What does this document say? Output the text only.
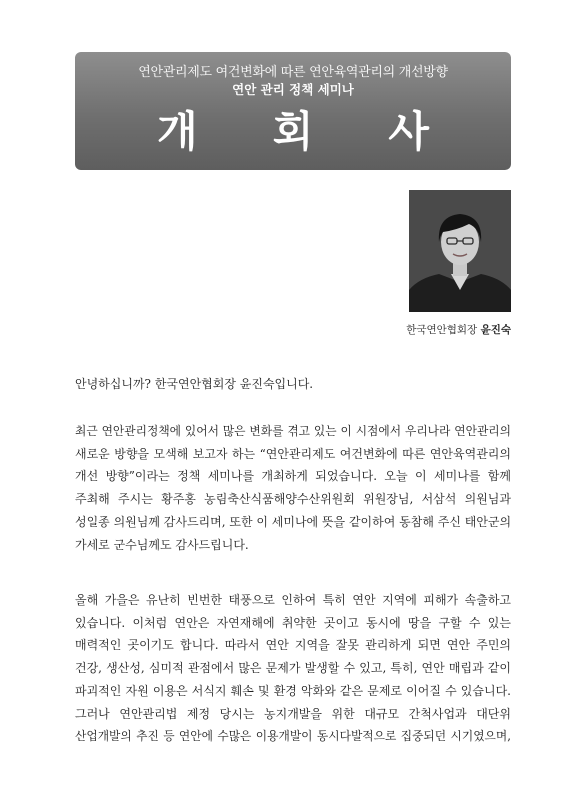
연안관리제도 여건변화에 따른 연안육역관리의 개선방향
연안 관리 정책 세미나
개 회 사
한국연안협회장 윤진숙
안녕하십니까? 한국연안협회장 윤진숙입니다.
최근 연안관리정책에 있어서 많은 변화를 겪고 있는 이 시점에서 우리나라 연안관리의
새로운 방향을 모색해 보고자 하는 “연안관리제도 여건변화에 따른 연안육역관리의
개선 방향”이라는 정책 세미나를 개최하게 되었습니다. 오늘 이 세미나를 함께
주최해 주시는 황주홍 농림축산식품해양수산위원회 위원장님, 서삼석 의원님과
성일종 의원님께 감사드리며, 또한 이 세미나에 뜻을 같이하여 동참해 주신 태안군의
가세로 군수님께도 감사드립니다.
올해 가을은 유난히 빈번한 태풍으로 인하여 특히 연안 지역에 피해가 속출하고
있습니다. 이처럼 연안은 자연재해에 취약한 곳이고 동시에 땅을 구할 수 있는
매력적인 곳이기도 합니다. 따라서 연안 지역을 잘못 관리하게 되면 연안 주민의
건강, 생산성, 심미적 관점에서 많은 문제가 발생할 수 있고, 특히, 연안 매립과 같이
파괴적인 자원 이용은 서식지 훼손 및 환경 악화와 같은 문제로 이어질 수 있습니다.
그러나 연안관리법 제정 당시는 농지개발을 위한 대규모 간척사업과 대단위
산업개발의 추진 등 연안에 수많은 이용개발이 동시다발적으로 집중되던 시기였으며,
